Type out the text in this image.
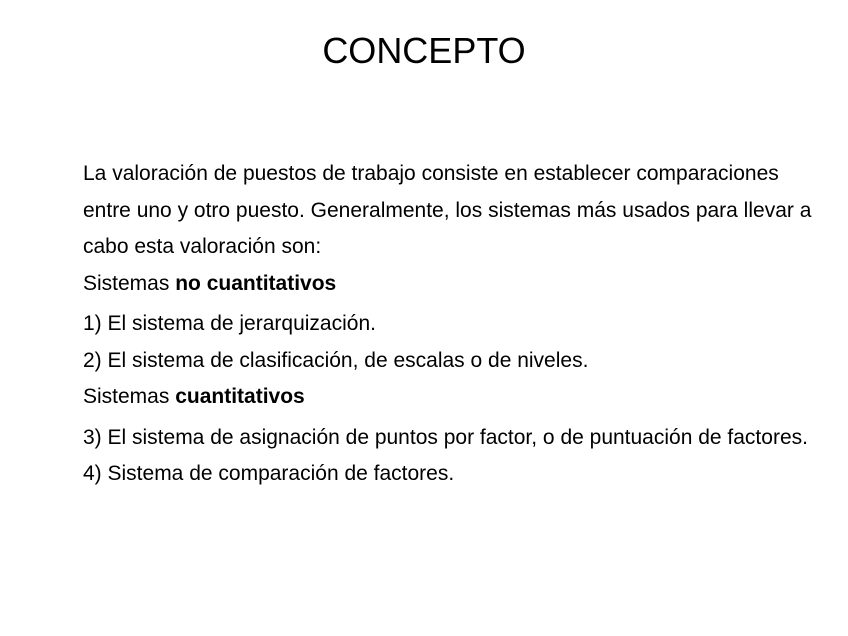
CONCEPTO

La valoración de puestos de trabajo consiste en establecer comparaciones entre uno y otro puesto. Generalmente, los sistemas más usados para llevar a cabo esta valoración son:

Sistemas no cuantitativos

1) El sistema de jerarquización.

2) El sistema de clasificación, de escalas o de niveles.

Sistemas cuantitativos

3) El sistema de asignación de puntos por factor, o de puntuación de factores.

4) Sistema de comparación de factores.
